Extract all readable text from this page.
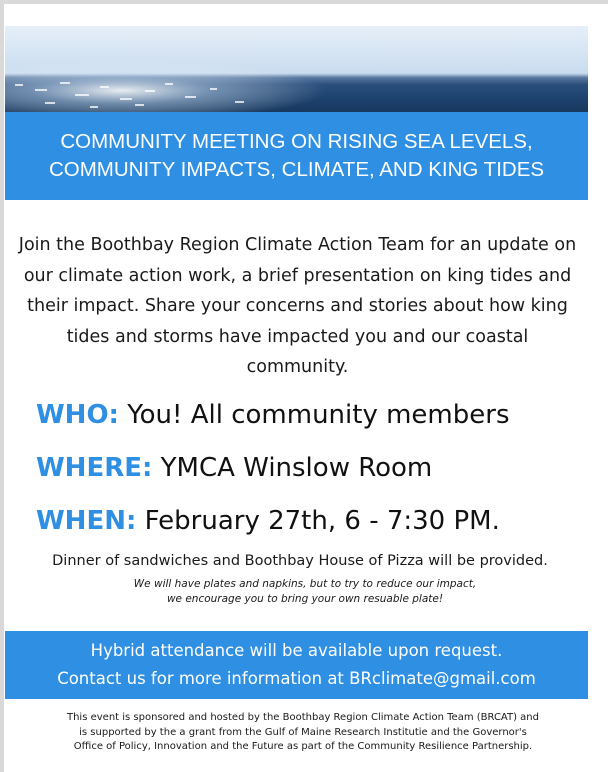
COMMUNITY MEETING ON RISING SEA LEVELS,
COMMUNITY IMPACTS, CLIMATE, AND KING TIDES
Join the Boothbay Region Climate Action Team for an update on our climate action work, a brief presentation on king tides and their impact. Share your concerns and stories about how king tides and storms have impacted you and our coastal community.
WHO: You! All community members
WHERE: YMCA Winslow Room
WHEN: February 27th, 6 - 7:30 PM.
Dinner of sandwiches and Boothbay House of Pizza will be provided.
We will have plates and napkins, but to try to reduce our impact,
we encourage you to bring your own resuable plate!
Hybrid attendance will be available upon request.
Contact us for more information at BRclimate@gmail.com
This event is sponsored and hosted by the Boothbay Region Climate Action Team (BRCAT) and
is supported by the a grant from the Gulf of Maine Research Institutie and the Governor's
Office of Policy, Innovation and the Future as part of the Community Resilience Partnership.
